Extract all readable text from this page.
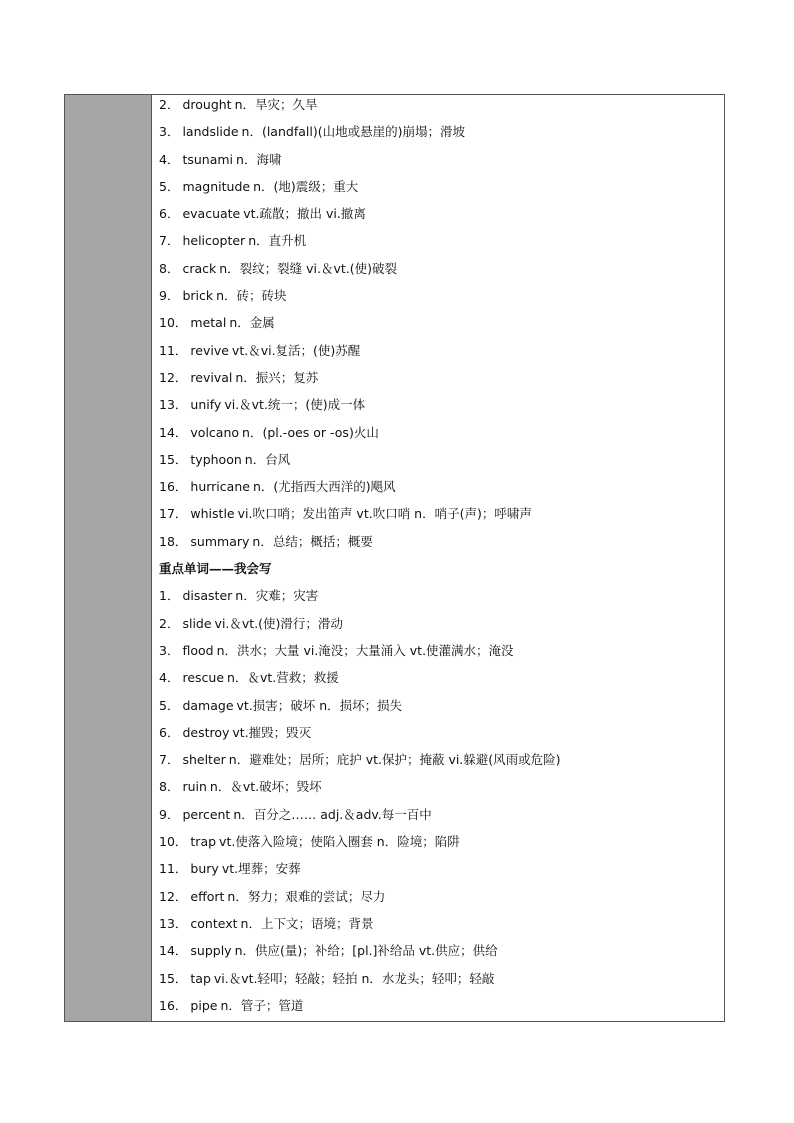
2． drought n．旱灾；久旱
3． landslide n．(landfall)(山地或悬崖的)崩塌；滑坡
4． tsunami n．海啸
5． magnitude n．(地)震级；重大
6． evacuate vt.疏散；撤出 vi.撤离
7． helicopter n．直升机
8． crack n．裂纹；裂缝 vi.＆vt.(使)破裂
9． brick n．砖；砖块
10． metal n．金属
11． revive vt.＆vi.复活；(使)苏醒
12． revival n．振兴；复苏
13． unify vi.＆vt.统一；(使)成一体
14． volcano n．(pl.-oes or -os)火山
15． typhoon n．台风
16． hurricane n．(尤指西大西洋的)飓风
17． whistle vi.吹口哨；发出笛声 vt.吹口哨 n．哨子(声)；呼啸声
18． summary n．总结；概括；概要
重点单词——我会写
1． disaster n．灾难；灾害
2． slide vi.＆vt.(使)滑行；滑动
3． flood n．洪水；大量 vi.淹没；大量涌入 vt.使灌满水；淹没
4． rescue n．＆vt.营救；救援
5． damage vt.损害；破坏 n．损坏；损失
6． destroy vt.摧毁；毁灭
7． shelter n．避难处；居所；庇护 vt.保护；掩蔽 vi.躲避(风雨或危险)
8． ruin n．＆vt.破坏；毁坏
9． percent n．百分之…… adj.＆adv.每一百中
10． trap vt.使落入险境；使陷入圈套 n．险境；陷阱
11． bury vt.埋葬；安葬
12． effort n．努力；艰难的尝试；尽力
13． context n．上下文；语境；背景
14． supply n．供应(量)；补给；[pl.]补给品 vt.供应；供给
15． tap vi.＆vt.轻叩；轻敲；轻拍 n．水龙头；轻叩；轻敲
16． pipe n．管子；管道
